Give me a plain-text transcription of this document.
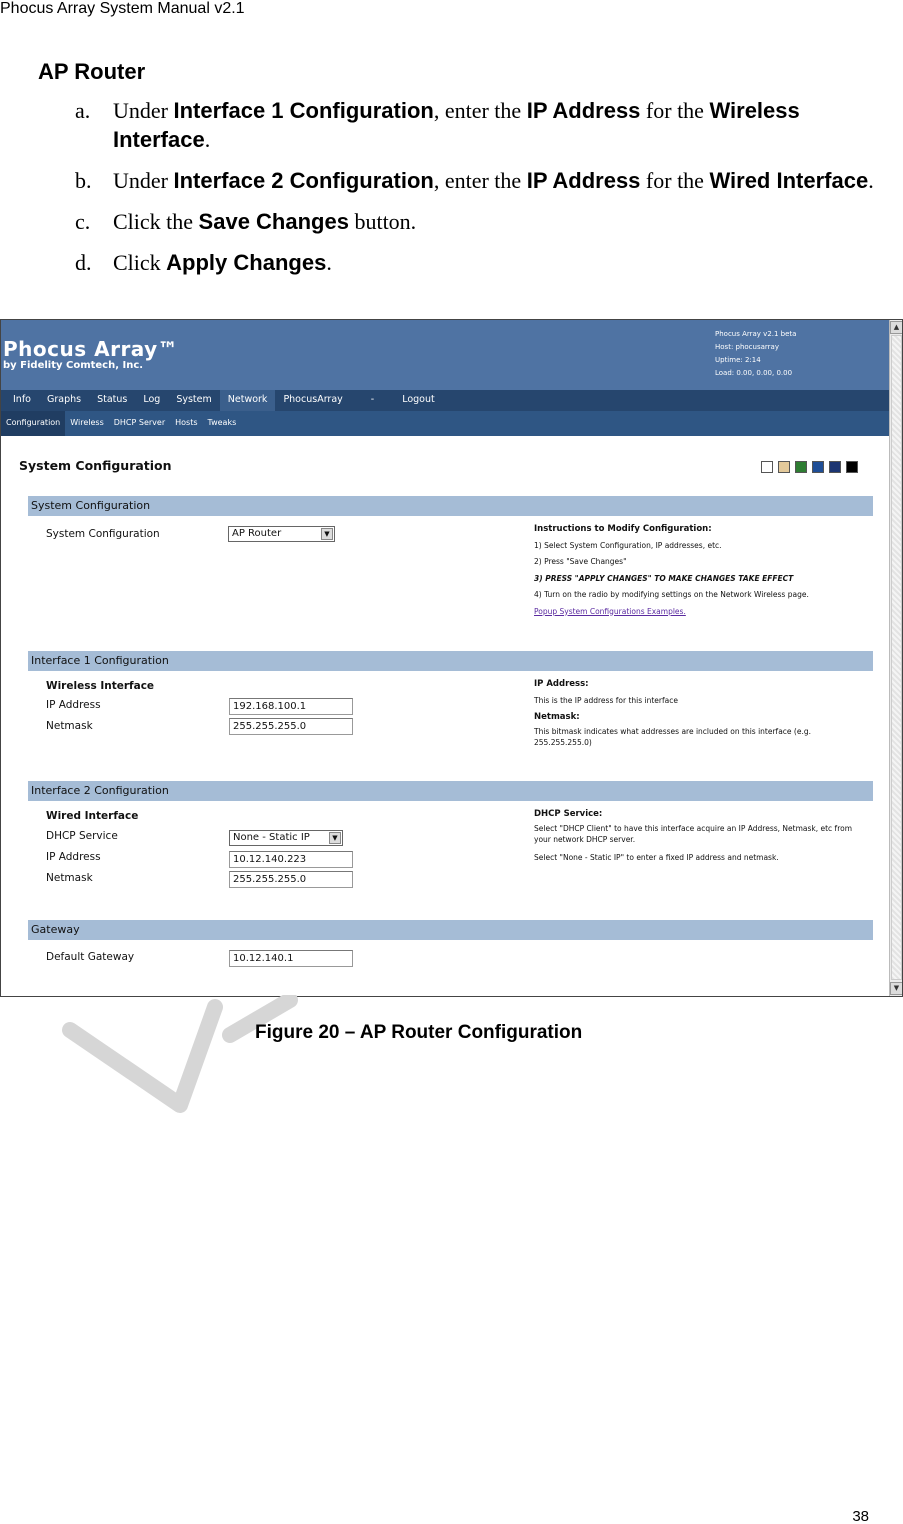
Phocus Array System Manual v2.1
AP Router
a. Under Interface 1 Configuration, enter the IP Address for the Wireless Interface.
b. Under Interface 2 Configuration, enter the IP Address for the Wired Interface.
c. Click the Save Changes button.
d. Click Apply Changes.
Phocus Array™
by Fidelity Comtech, Inc.
Phocus Array v2.1 beta
Host: phocusarray
Uptime: 2:14
Load: 0.00, 0.00, 0.00
Info	Graphs	Status	Log	System	Network	PhocusArray	-	Logout
Configuration	Wireless	DHCP Server	Hosts	Tweaks
System Configuration
System Configuration
System Configuration	AP Router	▼	Instructions to Modify Configuration:
1) Select System Configuration, IP addresses, etc.
2) Press "Save Changes"
3) PRESS "APPLY CHANGES" TO MAKE CHANGES TAKE EFFECT
4) Turn on the radio by modifying settings on the Network Wireless page.
Popup System Configurations Examples.
Interface 1 Configuration
Wireless Interface
IP Address	192.168.100.1
Netmask	255.255.255.0
IP Address:
This is the IP address for this interface
Netmask:
This bitmask indicates what addresses are included on this interface (e.g. 255.255.255.0)
Interface 2 Configuration
Wired Interface
DHCP Service	None - Static IP	▼
IP Address	10.12.140.223
Netmask	255.255.255.0
DHCP Service:
Select "DHCP Client" to have this interface acquire an IP Address, Netmask, etc from your network DHCP server.
Select "None - Static IP" to enter a fixed IP address and netmask.
Gateway
Default Gateway	10.12.140.1
▲
▼
Figure 20 – AP Router Configuration
38
